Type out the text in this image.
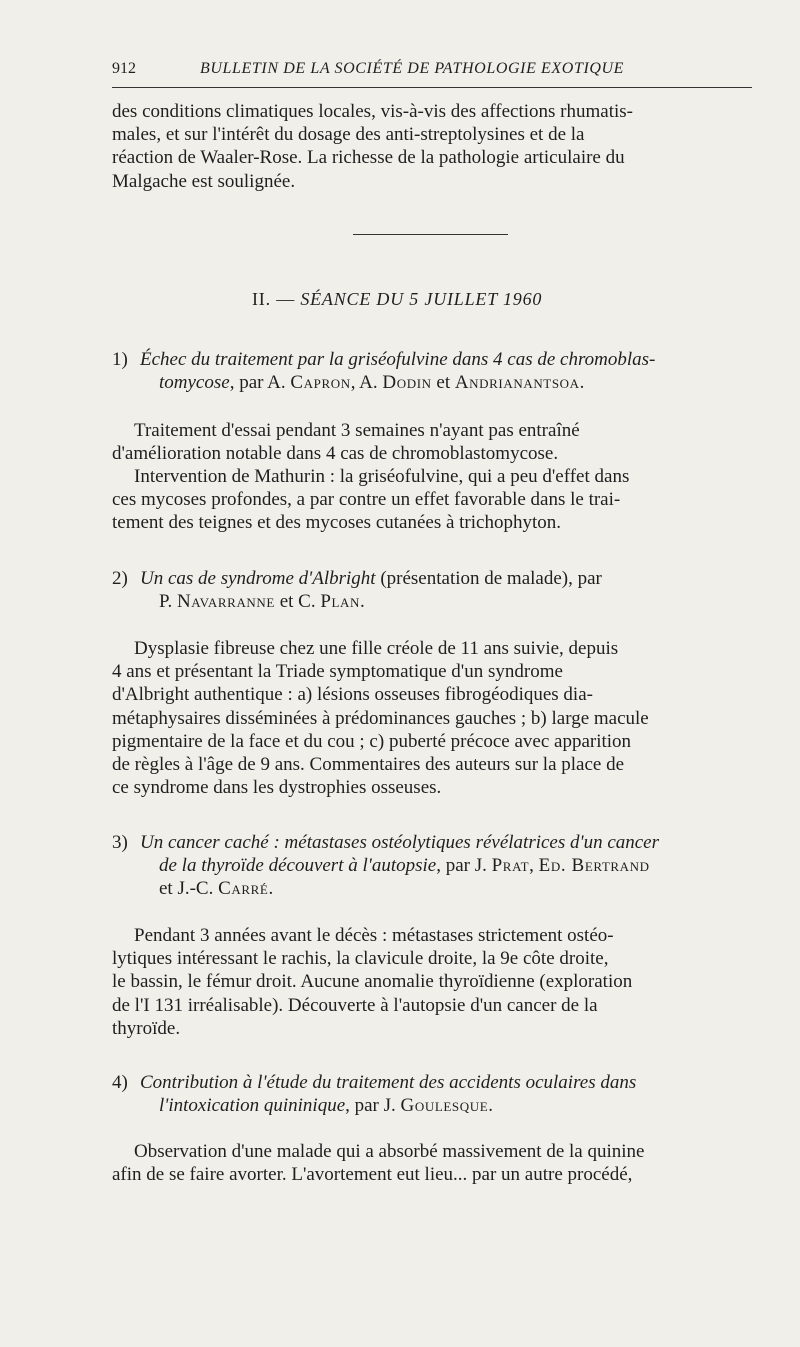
912	BULLETIN DE LA SOCIÉTÉ DE PATHOLOGIE EXOTIQUE
des conditions climatiques locales, vis-à-vis des affections rhumatis-
males, et sur l'intérêt du dosage des anti-streptolysines et de la
réaction de Waaler-Rose. La richesse de la pathologie articulaire du
Malgache est soulignée.
II. — SÉANCE DU 5 JUILLET 1960
1) Échec du traitement par la griséofulvine dans 4 cas de chromoblas-
tomycose, par A. Capron, A. Dodin et Andrianantsoa.
Traitement d'essai pendant 3 semaines n'ayant pas entraîné
d'amélioration notable dans 4 cas de chromoblastomycose.
Intervention de Mathurin : la griséofulvine, qui a peu d'effet dans
ces mycoses profondes, a par contre un effet favorable dans le trai-
tement des teignes et des mycoses cutanées à trichophyton.
2) Un cas de syndrome d'Albright (présentation de malade), par
P. Navarranne et C. Plan.
Dysplasie fibreuse chez une fille créole de 11 ans suivie, depuis
4 ans et présentant la Triade symptomatique d'un syndrome
d'Albright authentique : a) lésions osseuses fibrogéodiques dia-
métaphysaires disséminées à prédominances gauches ; b) large macule
pigmentaire de la face et du cou ; c) puberté précoce avec apparition
de règles à l'âge de 9 ans. Commentaires des auteurs sur la place de
ce syndrome dans les dystrophies osseuses.
3) Un cancer caché : métastases ostéolytiques révélatrices d'un cancer
de la thyroïde découvert à l'autopsie, par J. Prat, Ed. Bertrand
et J.-C. Carré.
Pendant 3 années avant le décès : métastases strictement ostéo-
lytiques intéressant le rachis, la clavicule droite, la 9e côte droite,
le bassin, le fémur droit. Aucune anomalie thyroïdienne (exploration
de l'I 131 irréalisable). Découverte à l'autopsie d'un cancer de la
thyroïde.
4) Contribution à l'étude du traitement des accidents oculaires dans
l'intoxication quininique, par J. Goulesque.
Observation d'une malade qui a absorbé massivement de la quinine
afin de se faire avorter. L'avortement eut lieu... par un autre procédé,
